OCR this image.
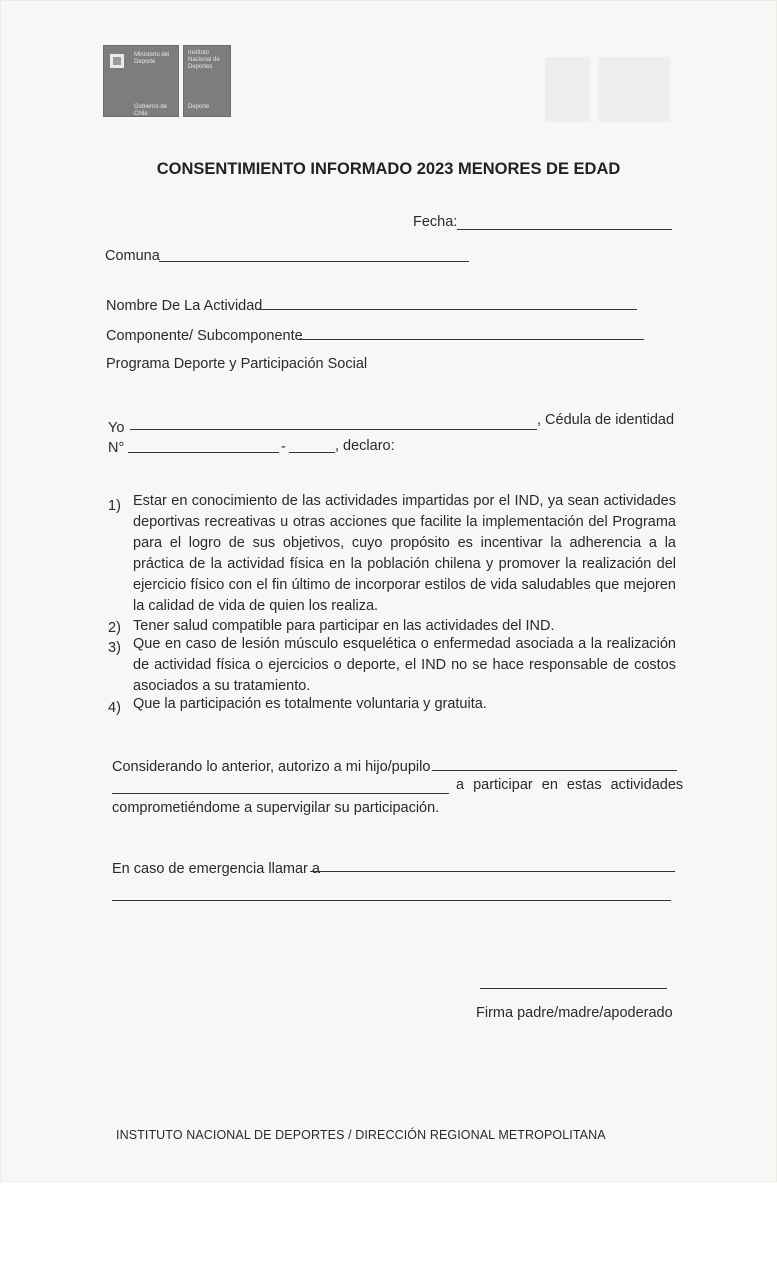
Ministerio del
Deporte
Gobierno de Chile
Instituto
Nacional de
Deportes
Deporte
CONSENTIMIENTO INFORMADO 2023 MENORES DE EDAD
Fecha:
Comuna
Nombre De La Actividad
Componente/ Subcomponente
Programa Deporte y Participación Social
Yo	, Cédula de identidad
N°	-	, declaro:
1) Estar en conocimiento de las actividades impartidas por el IND, ya sean actividades deportivas recreativas u otras acciones que facilite la implementación del Programa para el logro de sus objetivos, cuyo propósito es incentivar la adherencia a la práctica de la actividad física en la población chilena y promover la realización del ejercicio físico con el fin último de incorporar estilos de vida saludables que mejoren la calidad de vida de quien los realiza.
2) Tener salud compatible para participar en las actividades del IND.
3) Que en caso de lesión músculo esquelética o enfermedad asociada a la realización de actividad física o ejercicios o deporte, el IND no se hace responsable de costos asociados a su tratamiento.
4) Que la participación es totalmente voluntaria y gratuita.
Considerando lo anterior, autorizo a mi hijo/pupilo
a participar en estas actividades
comprometiéndome a supervigilar su participación.
En caso de emergencia llamar a
Firma padre/madre/apoderado
INSTITUTO NACIONAL DE DEPORTES / DIRECCIÓN REGIONAL METROPOLITANA
